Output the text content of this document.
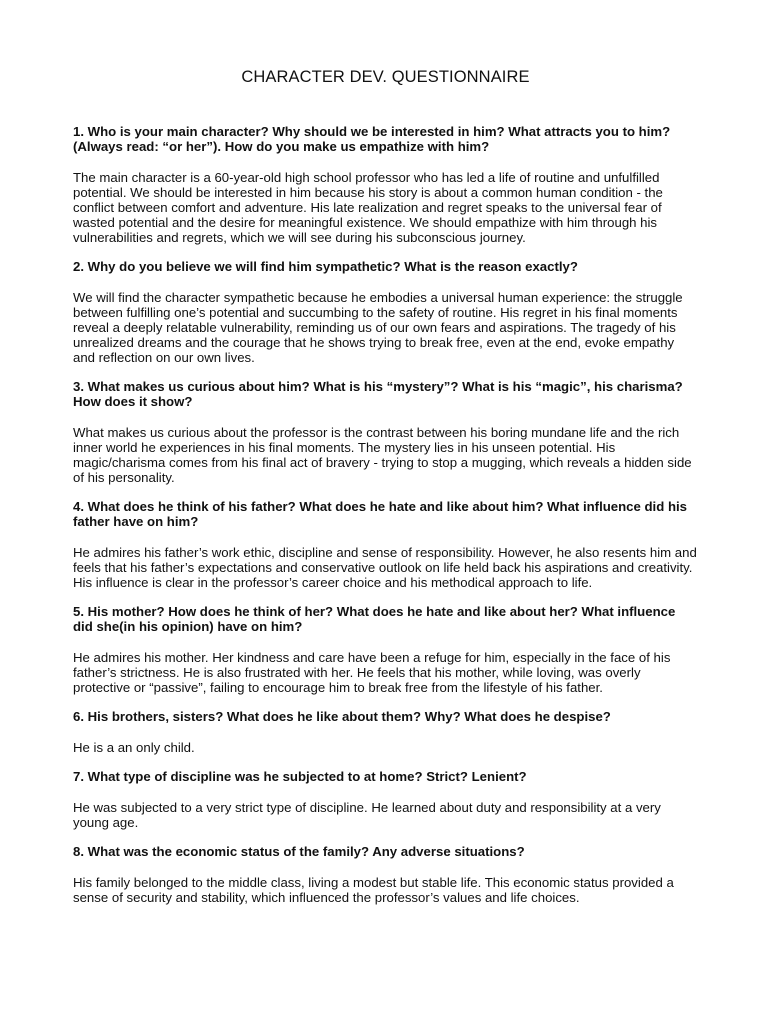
CHARACTER DEV. QUESTIONNAIRE

1. Who is your main character? Why should we be interested in him? What attracts you to him? (Always read: “or her”). How do you make us empathize with him?

The main character is a 60-year-old high school professor who has led a life of routine and unfulfilled potential. We should be interested in him because his story is about a common human condition - the conflict between comfort and adventure. His late realization and regret speaks to the universal fear of wasted potential and the desire for meaningful existence. We should empathize with him through his vulnerabilities and regrets, which we will see during his subconscious journey.

2. Why do you believe we will find him sympathetic? What is the reason exactly?

We will find the character sympathetic because he embodies a universal human experience: the struggle between fulfilling one’s potential and succumbing to the safety of routine. His regret in his final moments reveal a deeply relatable vulnerability, reminding us of our own fears and aspirations. The tragedy of his unrealized dreams and the courage that he shows trying to break free, even at the end, evoke empathy and reflection on our own lives.

3. What makes us curious about him? What is his “mystery”? What is his “magic”, his charisma? How does it show?

What makes us curious about the professor is the contrast between his boring mundane life and the rich inner world he experiences in his final moments. The mystery lies in his unseen potential. His magic/charisma comes from his final act of bravery - trying to stop a mugging, which reveals a hidden side of his personality.

4. What does he think of his father? What does he hate and like about him? What influence did his father have on him?

He admires his father’s work ethic, discipline and sense of responsibility. However, he also resents him and feels that his father’s expectations and conservative outlook on life held back his aspirations and creativity. His influence is clear in the professor’s career choice and his methodical approach to life.

5. His mother? How does he think of her? What does he hate and like about her? What influence did she(in his opinion) have on him?

He admires his mother. Her kindness and care have been a refuge for him, especially in the face of his father’s strictness. He is also frustrated with her. He feels that his mother, while loving, was overly protective or “passive”, failing to encourage him to break free from the lifestyle of his father.

6. His brothers, sisters? What does he like about them? Why? What does he despise?

He is a an only child.

7. What type of discipline was he subjected to at home? Strict? Lenient?

He was subjected to a very strict type of discipline. He learned about duty and responsibility at a very young age.

8. What was the economic status of the family? Any adverse situations?

His family belonged to the middle class, living a modest but stable life. This economic status provided a sense of security and stability, which influenced the professor’s values and life choices.
